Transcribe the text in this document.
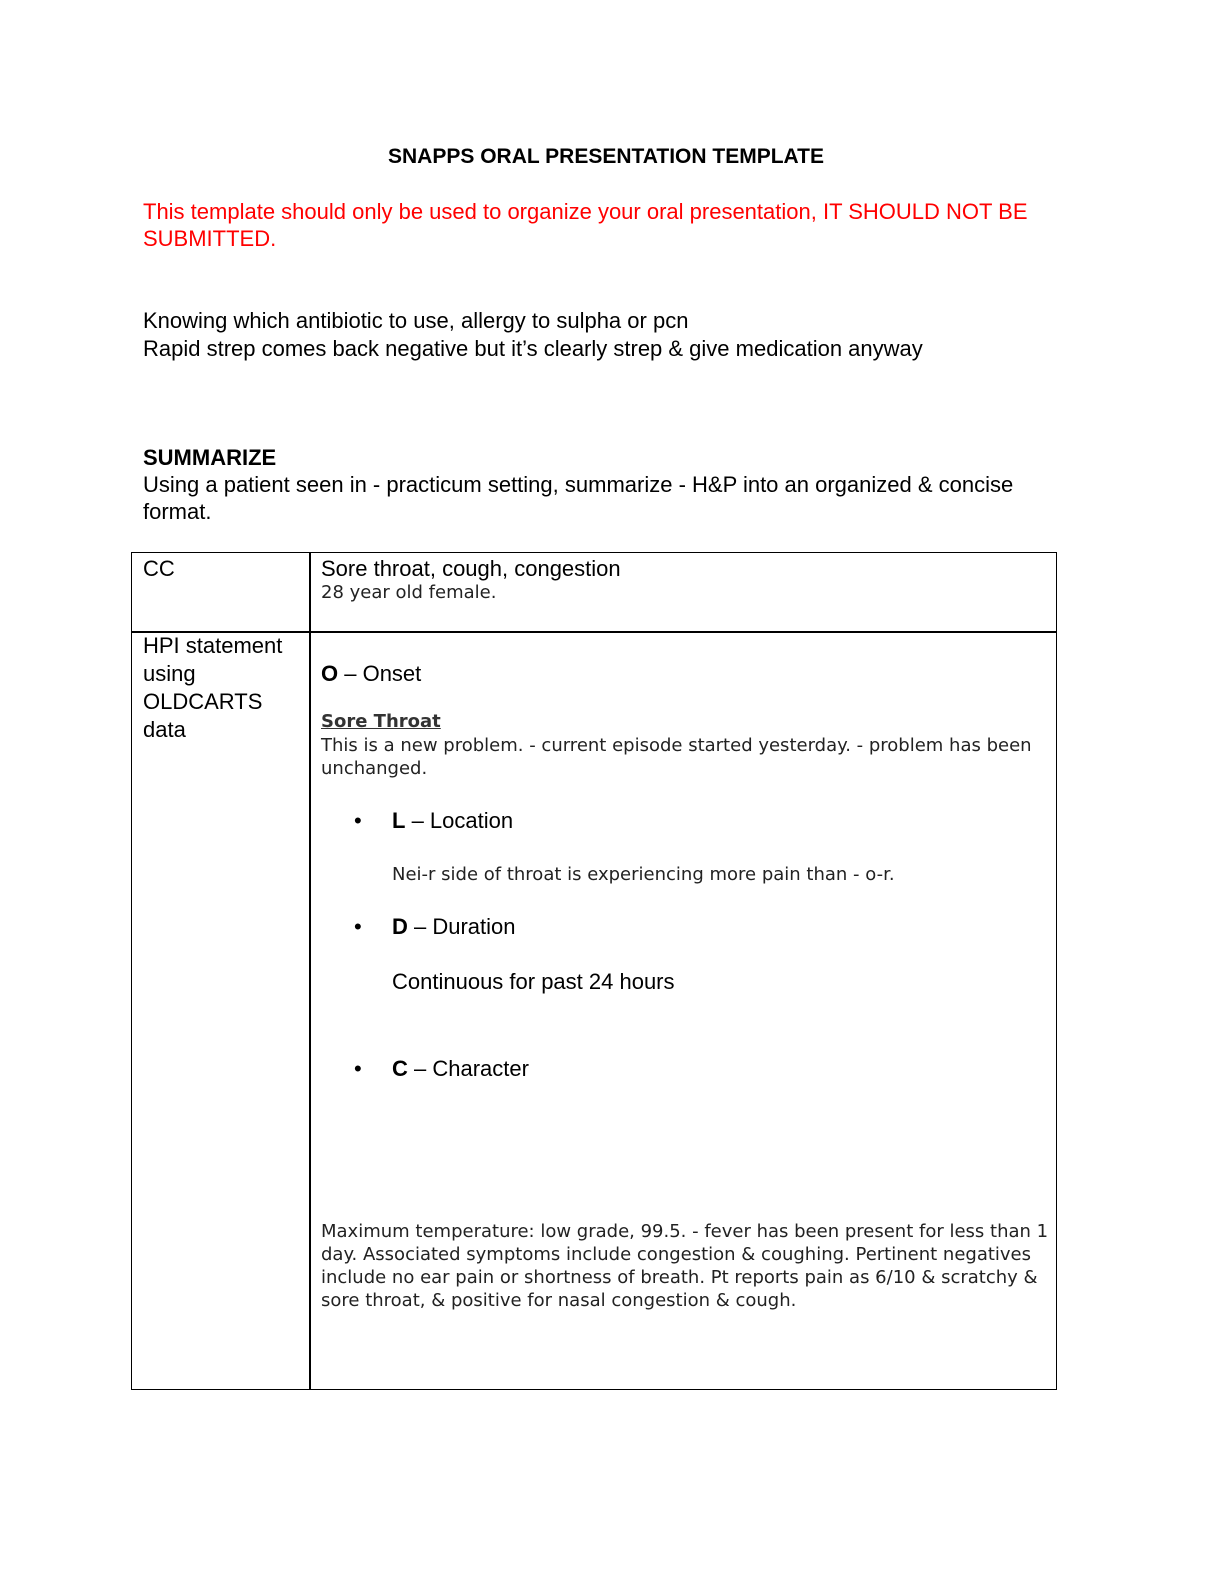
SNAPPS ORAL PRESENTATION TEMPLATE
This template should only be used to organize your oral presentation, IT SHOULD NOT BE SUBMITTED.
Knowing which antibiotic to use, allergy to sulpha or pcn
Rapid strep comes back negative but it’s clearly strep & give medication anyway
SUMMARIZE
Using a patient seen in - practicum setting, summarize - H&P into an organized & concise format.
CC	Sore throat, cough, congestion
28 year old female.
HPI statement using OLDCARTS data
O – Onset
Sore Throat
This is a new problem. - current episode started yesterday. - problem has been unchanged.
• L – Location
Nei-r side of throat is experiencing more pain than - o-r.
• D – Duration
Continuous for past 24 hours
• C – Character
Maximum temperature: low grade, 99.5. - fever has been present for less than 1 day. Associated symptoms include congestion & coughing. Pertinent negatives include no ear pain or shortness of breath. Pt reports pain as 6/10 & scratchy & sore throat, & positive for nasal congestion & cough.
